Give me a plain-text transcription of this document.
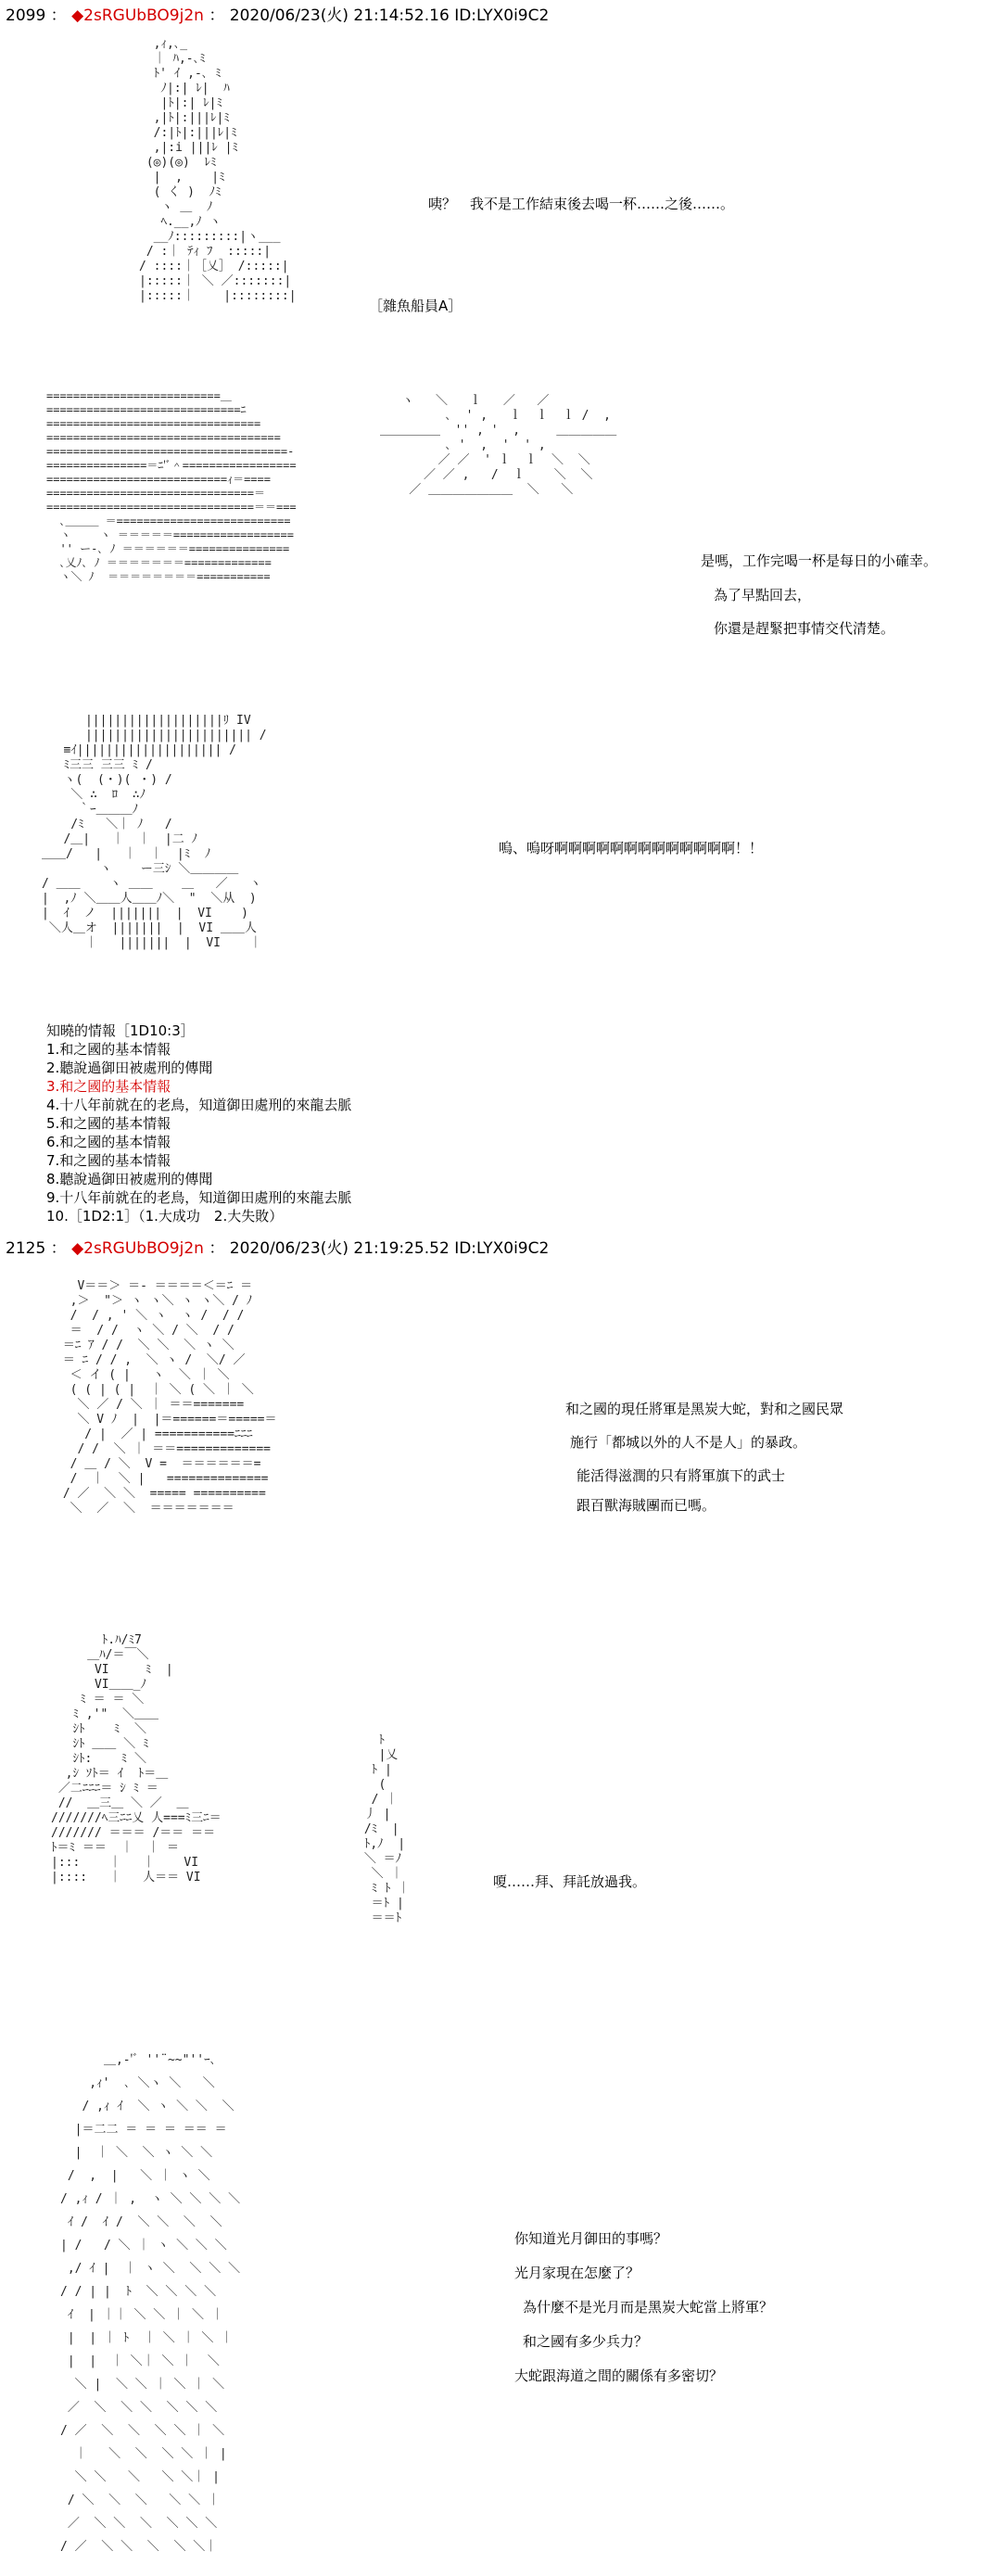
2099 ： ◆2sRGUbBO9j2n ： 2020/06/23(火) 21:14:52.16 ID:LYX0i9C2
,ｨ,､_
｜ ﾊ,-､ﾐ
ﾄ' ｲ ,-､ ﾐ
ﾉ|:| ﾚ|  ﾊ
|ﾄ|:| ﾚ|ﾐ
,|ﾄ|:|||ﾚ|ﾐ
/:|ﾄ|:|||ﾚ|ﾐ
,|:i |||ﾚ |ﾐ
(◎)(◎)  ﾚﾐ
|  ,    |ﾐ
( く )  ﾉﾐ
ヽ ＿  ﾉ
ﾍ.__,ﾉ ヽ
__ﾉ:::::::::|ヽ___
/ :｜ ﾃｨ ﾌ  :::::|
/ ::::｜［乂］ /:::::|
|:::::｜ ＼ ／:::::::|
|:::::｜    |::::::::|
咦？　我不是工作結束後去喝一杯……之後……。
［雜魚船員A］
==========================＿
=============================ﾆ
================================
===================================
====================================-
===============＝ﾆ'ﾞ＾=================
===========================ｨ＝====
===============================＝
===============================＝＝===
､＿＿＿ ＝==========================
ヽ　　 ヽ ＝＝＝＝＝==================
'' ー-､ ﾉ ＝＝＝＝＝＝===============
､乂ﾉ､ ﾉ ＝＝＝＝＝＝＝=============
ヽ＼ ﾉ  ＝＝＝＝＝＝＝＝===========
ヽ   ＼   ｌ   ／   ／
､  ' ,   ｌ  ｌ  ｌ /  ,
＿＿＿＿＿  '' , '  ,     ＿＿＿＿＿
､ '  ,  '  ' ,
／ ／  ' ｌ  ｌ  ＼  ＼
／ ／ ,   /  ｌ    ＼  ＼
／ ＿＿＿＿＿＿＿  ＼   ＼
是嗎，工作完喝一杯是每日的小確幸。
為了早點回去，
你還是趕緊把事情交代清楚。
|||||||||||||||||||ﾘ IV
||||||||||||||||||||||| /
≡ｲ|||||||||||||||||||| /
ﾐ三三 三三 ﾐ /
ヽ(  (・)( ・) /
＼ ∴  ﾛ  ∴ﾉ
｀ｰ＿＿＿ﾉ
/ﾐ   ＼｜ ﾉ   /
/＿|   ｜  ｜  |二 ﾉ
＿＿/   |   ｜  ｜  |ﾐ  ﾉ
ヽ    ー三ｼ ＼＿＿＿＿
/ ＿＿    ヽ ＿＿    ＿   ／   ヽ
|  ,ﾉ ＼＿＿人＿＿ﾉ＼  "  ＼从  )
|  ｲ  ノ  |||||||  |  VI    )
＼人＿オ  |||||||  |  VI ＿＿人
｜   |||||||  |  VI    ｜
嗚、嗚呀啊啊啊啊啊啊啊啊啊啊啊啊啊！！
知曉的情報［1D10:3］
1.和之國的基本情報
2.聽說過御田被處刑的傳聞
3.和之國的基本情報
4.十八年前就在的老鳥，知道御田處刑的來龍去脈
5.和之國的基本情報
6.和之國的基本情報
7.和之國的基本情報
8.聽說過御田被處刑的傳聞
9.十八年前就在的老鳥，知道御田處刑的來龍去脈
10.［1D2:1］（1.大成功　2.大失敗）
2125 ： ◆2sRGUbBO9j2n ： 2020/06/23(火) 21:19:25.52 ID:LYX0i9C2
V＝＝＞ ＝- ＝＝＝＝＜＝ﾆ ＝
,＞  "＞ ヽ ヽ＼ ヽ ヽ＼ / ﾉ
/  / , ' ＼ ヽ  ヽ /  / /
＝  / /  ヽ ＼ / ＼  / /
＝ﾆ ｱ / /  ＼ ＼  ＼ ヽ ＼
＝ ﾆ / / ,  ＼ ヽ /  ＼/ ／
＜ イ ( |   ヽ  ＼ ｜ ＼
( ( | ( |  ｜ ＼ ( ＼ ｜ ＼
＼ ／ / ＼ ｜ ＝＝=======
＼ V ﾉ  |  |＝======＝=====＝
/ |  ／ | ===========ﾆﾆﾆ
/ /  ＼ ｜ ＝＝=============
/ ＿ / ＼  V =  ＝＝＝＝＝＝=
/  ｜  ＼ |   ==============
/ ／  ＼ ＼  ===== ==========
＼  ／  ＼  ＝＝＝＝＝＝＝
和之國的現任將軍是黑炭大蛇，對和之國民眾
施行「都城以外的人不是人」的暴政。
能活得滋潤的只有將軍旗下的武士
跟百獸海賊團而已嗎。
ﾄ.ﾊ/ﾐ7
＿ﾊ/＝￣＼
VI     ﾐ  |
VI＿＿_ﾉ
ﾐ ＝ ＝ ＼
ﾐ ,'"  ＼＿＿
ｼﾄ    ﾐ  ＼
ｼﾄ ＿＿ ＼ ﾐ
ｼﾄ:    ﾐ ＼
,ｼ ｿﾄ＝ ｲ  ﾄ＝＿
／二ﾆﾆﾆ＝ ｼ ﾐ ＝
//  ＿三＿ ＼ ／  ＿
///////ﾍ三ﾆﾆ乂 人===ﾐ三ﾆ＝
/////// ＝＝＝ /＝＝ ＝＝
ﾄ＝ﾐ ＝＝  ｜  ｜ ＝
|:::    ｜   ｜    VI
|::::   ｜   人＝＝ VI
ﾄ
|乂
ﾄ |
(
/ ｜
丿 |
/ﾐ  |
ﾄ,ﾉ  |
＼ ＝ﾉ
＼ ｜
ﾐ ﾄ ｜
＝ﾄ |
＝＝ﾄ
嗄……拜、拜託放過我。
＿,-'ﾞ ''¨~~"''ｰ､
,ｨ'  ､ ＼ヽ ＼   ＼
/ ,ｨ ｲ  ＼ ヽ ＼ ＼  ＼
|＝二二 ＝ ＝ ＝ ＝＝ ＝
|  ｜ ＼  ＼ ヽ ＼ ＼
/  ,  |   ＼ ｜ ヽ ＼
/ ,ｨ / ｜ ,  ヽ ＼ ＼ ＼ ＼
ｲ /  ｲ /  ＼ ＼  ＼  ＼
| /   / ＼ ｜ ヽ ＼ ＼ ＼
,/ ｲ |  ｜ ヽ ＼  ＼ ＼ ＼
/ / | |  ﾄ  ＼ ＼ ＼ ＼
ｲ  | ｜｜ ＼ ＼ ｜ ＼ ｜
|  | ｜ ﾄ  ｜ ＼ ｜ ＼ ｜
|  |  ｜ ＼｜ ＼ ｜  ＼
＼ |  ＼ ＼ ｜ ＼ ｜ ＼
／  ＼  ＼ ＼  ＼ ＼ ＼
/ ／  ＼  ＼  ＼ ＼ ｜ ＼
｜   ＼  ＼  ＼ ＼ ｜ |
＼ ＼   ＼   ＼ ＼｜ |
/ ＼  ＼  ＼   ＼ ＼ ｜
／  ＼ ＼  ＼  ＼ ＼ ＼
/ ／  ＼ ＼  ＼  ＼ ＼｜
你知道光月御田的事嗎？
光月家現在怎麼了？
為什麼不是光月而是黑炭大蛇當上將軍？
和之國有多少兵力？
大蛇跟海道之間的關係有多密切？
